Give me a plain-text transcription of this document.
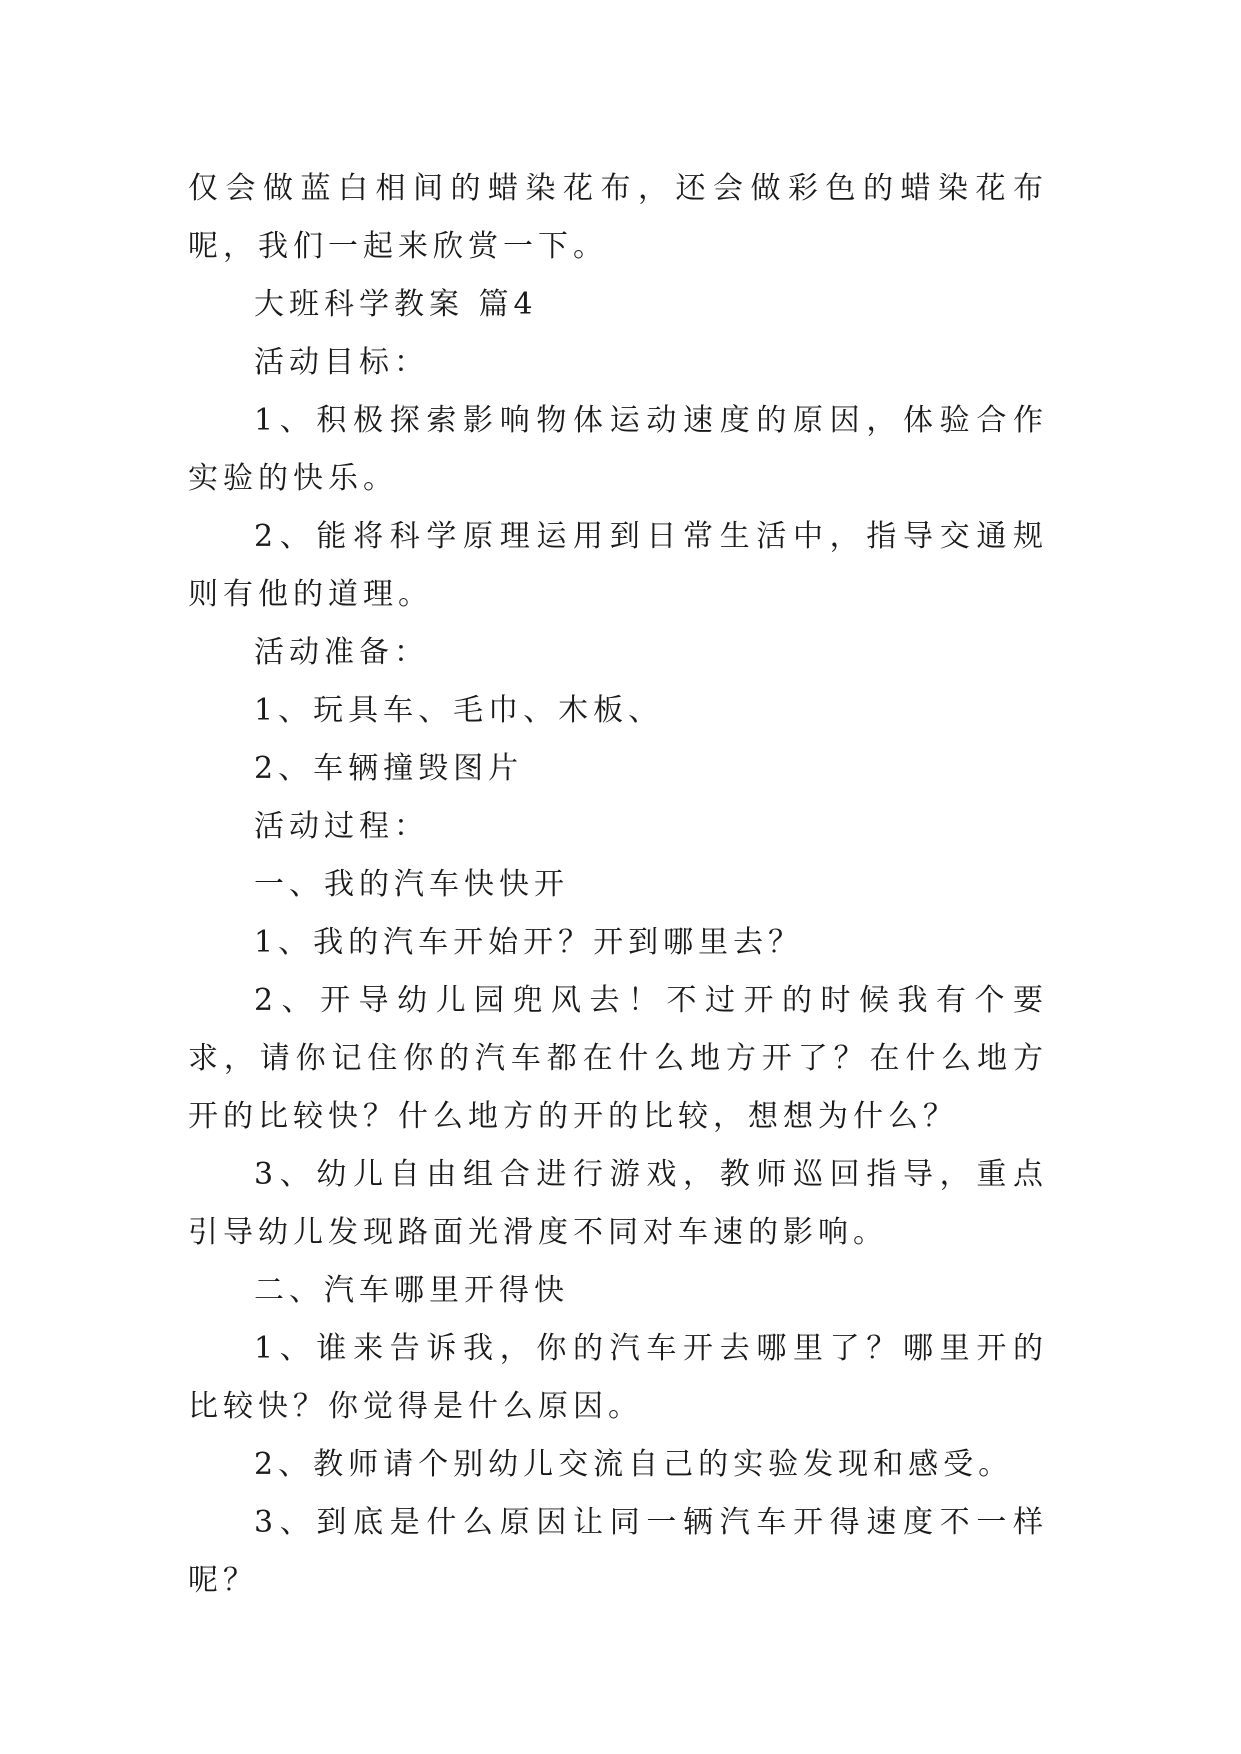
仅会做蓝白相间的蜡染花布，还会做彩色的蜡染花布呢，我们一起来欣赏一下。

大班科学教案 篇4

活动目标：

1、积极探索影响物体运动速度的原因，体验合作实验的快乐。

2、能将科学原理运用到日常生活中，指导交通规则有他的道理。

活动准备：

1、玩具车、毛巾、木板、

2、车辆撞毁图片

活动过程：

一、我的汽车快快开

1、我的汽车开始开？开到哪里去？

2、开导幼儿园兜风去！不过开的时候我有个要求，请你记住你的汽车都在什么地方开了？在什么地方开的比较快？什么地方的开的比较，想想为什么？

3、幼儿自由组合进行游戏，教师巡回指导，重点引导幼儿发现路面光滑度不同对车速的影响。

二、汽车哪里开得快

1、谁来告诉我，你的汽车开去哪里了？哪里开的比较快？你觉得是什么原因。

2、教师请个别幼儿交流自己的实验发现和感受。

3、到底是什么原因让同一辆汽车开得速度不一样呢？
